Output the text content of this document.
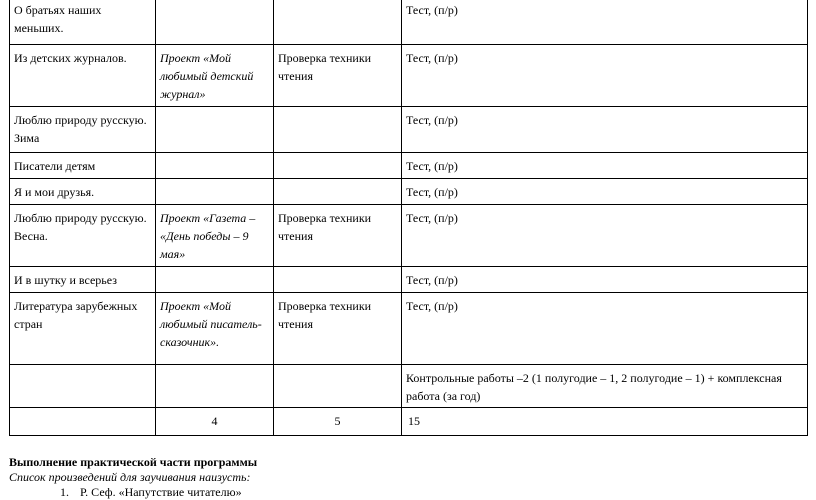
О братьях наших меньших.			Тест, (п/р)
Из детских журналов.	Проект «Мой любимый детский журнал»	Проверка техники чтения	Тест, (п/р)
Люблю природу русскую. Зима			Тест, (п/р)
Писатели детям			Тест, (п/р)
Я и мои друзья.			Тест, (п/р)
Люблю природу русскую. Весна.	Проект «Газета – «День победы – 9 мая»	Проверка техники чтения	Тест, (п/р)
И в шутку и всерьез			Тест, (п/р)
Литература зарубежных стран	Проект «Мой любимый писатель-сказочник».	Проверка техники чтения	Тест, (п/р)
			Контрольные работы –2 (1 полугодие – 1, 2 полугодие – 1) + комплексная работа (за год)
	4	5	15
Выполнение практической части программы
Список произведений для заучивания наизусть:
1. Р. Сеф. «Напутствие читателю»
